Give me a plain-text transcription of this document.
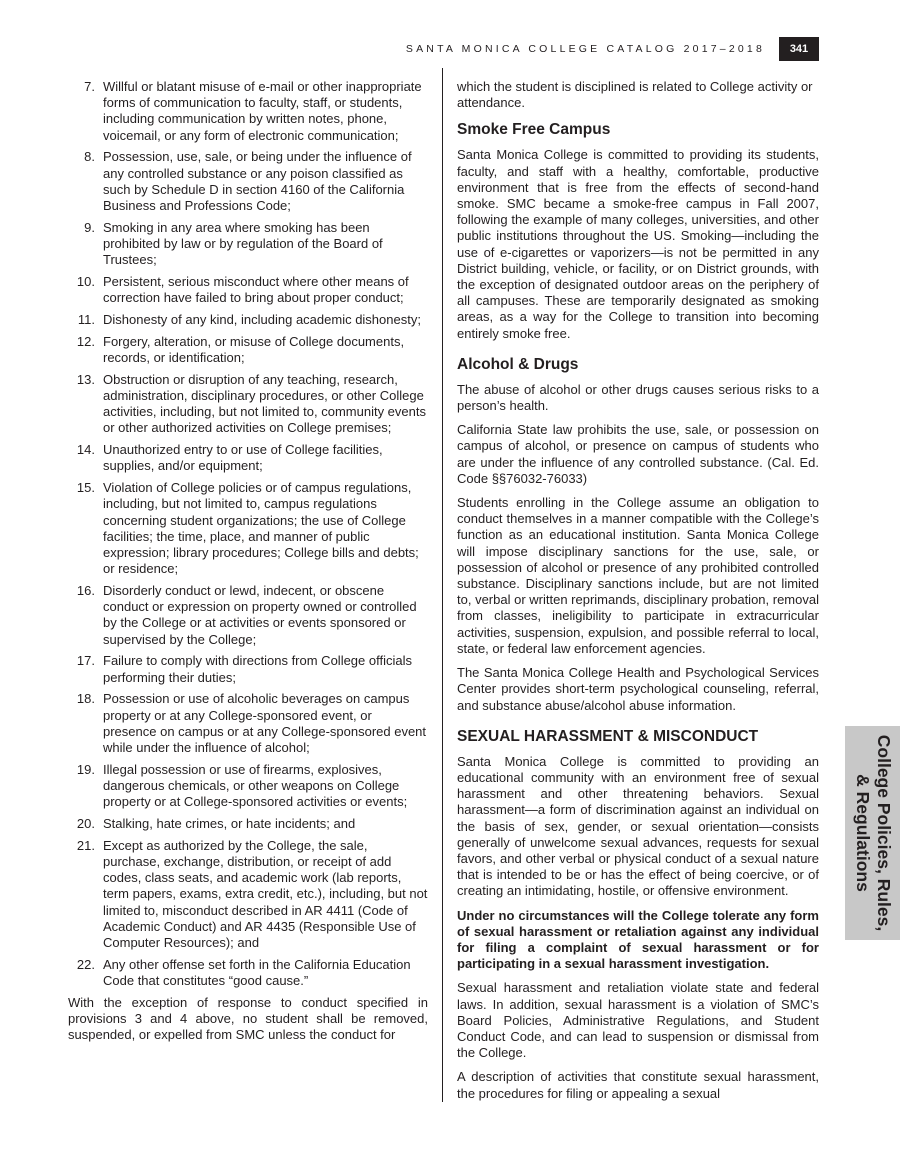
SANTA MONICA COLLEGE CATALOG 2017–2018	341
7. Willful or blatant misuse of e-mail or other inappropriate forms of communication to faculty, staff, or students, including communication by written notes, phone, voicemail, or any form of electronic communication;
8. Possession, use, sale, or being under the influence of any controlled substance or any poison classified as such by Schedule D in section 4160 of the California Business and Professions Code;
9. Smoking in any area where smoking has been prohibited by law or by regulation of the Board of Trustees;
10. Persistent, serious misconduct where other means of correction have failed to bring about proper conduct;
11. Dishonesty of any kind, including academic dishonesty;
12. Forgery, alteration, or misuse of College documents, records, or identification;
13. Obstruction or disruption of any teaching, research, administration, disciplinary procedures, or other College activities, including, but not limited to, community events or other authorized activities on College premises;
14. Unauthorized entry to or use of College facilities, supplies, and/or equipment;
15. Violation of College policies or of campus regulations, including, but not limited to, campus regulations concerning student organizations; the use of College facilities; the time, place, and manner of public expression; library procedures; College bills and debts; or residence;
16. Disorderly conduct or lewd, indecent, or obscene conduct or expression on property owned or controlled by the College or at activities or events sponsored or supervised by the College;
17. Failure to comply with directions from College officials performing their duties;
18. Possession or use of alcoholic beverages on campus property or at any College-sponsored event, or presence on campus or at any College-sponsored event while under the influence of alcohol;
19. Illegal possession or use of firearms, explosives, dangerous chemicals, or other weapons on College property or at College-sponsored activities or events;
20. Stalking, hate crimes, or hate incidents; and
21. Except as authorized by the College, the sale, purchase, exchange, distribution, or receipt of add codes, class seats, and academic work (lab reports, term papers, exams, extra credit, etc.), including, but not limited to, misconduct described in AR 4411 (Code of Academic Conduct) and AR 4435 (Responsible Use of Computer Resources); and
22. Any other offense set forth in the California Education Code that constitutes “good cause.”

With the exception of response to conduct specified in provisions 3 and 4 above, no student shall be removed, suspended, or expelled from SMC unless the conduct for

which the student is disciplined is related to College activity or attendance.

Smoke Free Campus

Santa Monica College is committed to providing its students, faculty, and staff with a healthy, comfortable, productive environment that is free from the effects of second-hand smoke. SMC became a smoke-free campus in Fall 2007, following the example of many colleges, universities, and other public institutions throughout the US. Smoking—including the use of e-cigarettes or vaporizers—is not be permitted in any District building, vehicle, or facility, or on District grounds, with the exception of designated outdoor areas on the periphery of all campuses. These are temporarily designated as smoking areas, as a way for the College to transition into becoming entirely smoke free.

Alcohol & Drugs

The abuse of alcohol or other drugs causes serious risks to a person’s health.

California State law prohibits the use, sale, or possession on campus of alcohol, or presence on campus of students who are under the influence of any controlled substance. (Cal. Ed. Code §§76032-76033)

Students enrolling in the College assume an obligation to conduct themselves in a manner compatible with the College’s function as an educational institution. Santa Monica College will impose disciplinary sanctions for the use, sale, or possession of alcohol or presence of any prohibited controlled substance. Disciplinary sanctions include, but are not limited to, verbal or written reprimands, disciplinary probation, removal from classes, ineligibility to participate in extracurricular activities, suspension, expulsion, and possible referral to local, state, or federal law enforcement agencies.

The Santa Monica College Health and Psychological Services Center provides short-term psychological counseling, referral, and substance abuse/alcohol abuse information.

SEXUAL HARASSMENT & MISCONDUCT

Santa Monica College is committed to providing an educational community with an environment free of sexual harassment and other threatening behaviors. Sexual harassment—a form of discrimination against an individual on the basis of sex, gender, or sexual orientation—consists generally of unwelcome sexual advances, requests for sexual favors, and other verbal or physical conduct of a sexual nature that is intended to be or has the effect of being coercive, or of creating an intimidating, hostile, or offensive environment.

Under no circumstances will the College tolerate any form of sexual harassment or retaliation against any individual for filing a complaint of sexual harassment or for participating in a sexual harassment investigation.

Sexual harassment and retaliation violate state and federal laws. In addition, sexual harassment is a violation of SMC’s Board Policies, Administrative Regulations, and Student Conduct Code, and can lead to suspension or dismissal from the College.

A description of activities that constitute sexual harassment, the procedures for filing or appealing a sexual

College Policies, Rules,
& Regulations
